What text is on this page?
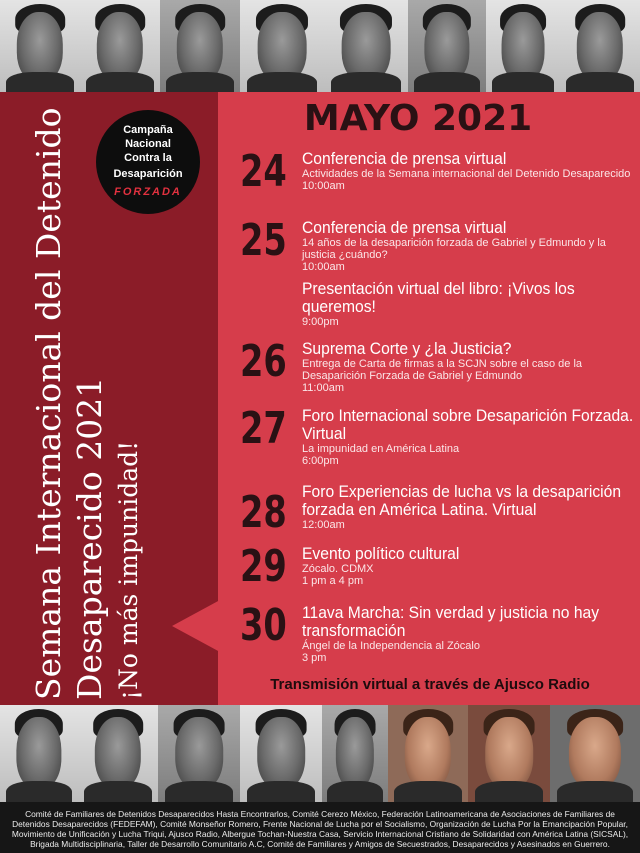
Campaña
Nacional
Contra la
Desaparición
FORZADA
Semana Internacional del Detenido Desaparecido 2021 ¡No más impunidad!
MAYO 2021
24 Conferencia de prensa virtual
Actividades de la Semana internacional del Detenido Desaparecido
10:00am
25 Conferencia de prensa virtual
14 años de la desaparición forzada de Gabriel y Edmundo y la justicia ¿cuándo?
10:00am
Presentación virtual del libro: ¡Vivos los queremos!
9:00pm
26 Suprema Corte y ¿la Justicia?
Entrega de Carta de firmas a la SCJN sobre el caso de la Desaparición Forzada de Gabriel y Edmundo
11:00am
27 Foro Internacional sobre Desaparición Forzada. Virtual
La impunidad en América Latina
6:00pm
28 Foro Experiencias de lucha vs la desaparición forzada en América Latina. Virtual
12:00am
29 Evento político cultural
Zócalo. CDMX
1 pm a 4 pm
30 11ava Marcha: Sin verdad y justicia no hay transformación
Ángel de la Independencia al Zócalo
3 pm
Transmisión virtual a través de Ajusco Radio
Comité de Familiares de Detenidos Desaparecidos Hasta Encontrarlos, Comité Cerezo México, Federación Latinoamericana de Asociaciones de Familiares de Detenidos Desaparecidos (FEDEFAM), Comité Monseñor Romero, Frente Nacional de Lucha por el Socialismo, Organización de Lucha Por la Emancipación Popular, Movimiento de Unificación y Lucha Triqui, Ajusco Radio, Albergue Tochan-Nuestra Casa, Servicio Internacional Cristiano de Solidaridad con América Latina (SICSAL), Brigada Multidisciplinaria, Taller de Desarrollo Comunitario A.C, Comité de Familiares y Amigos de Secuestrados, Desaparecidos y Asesinados en Guerrero.
